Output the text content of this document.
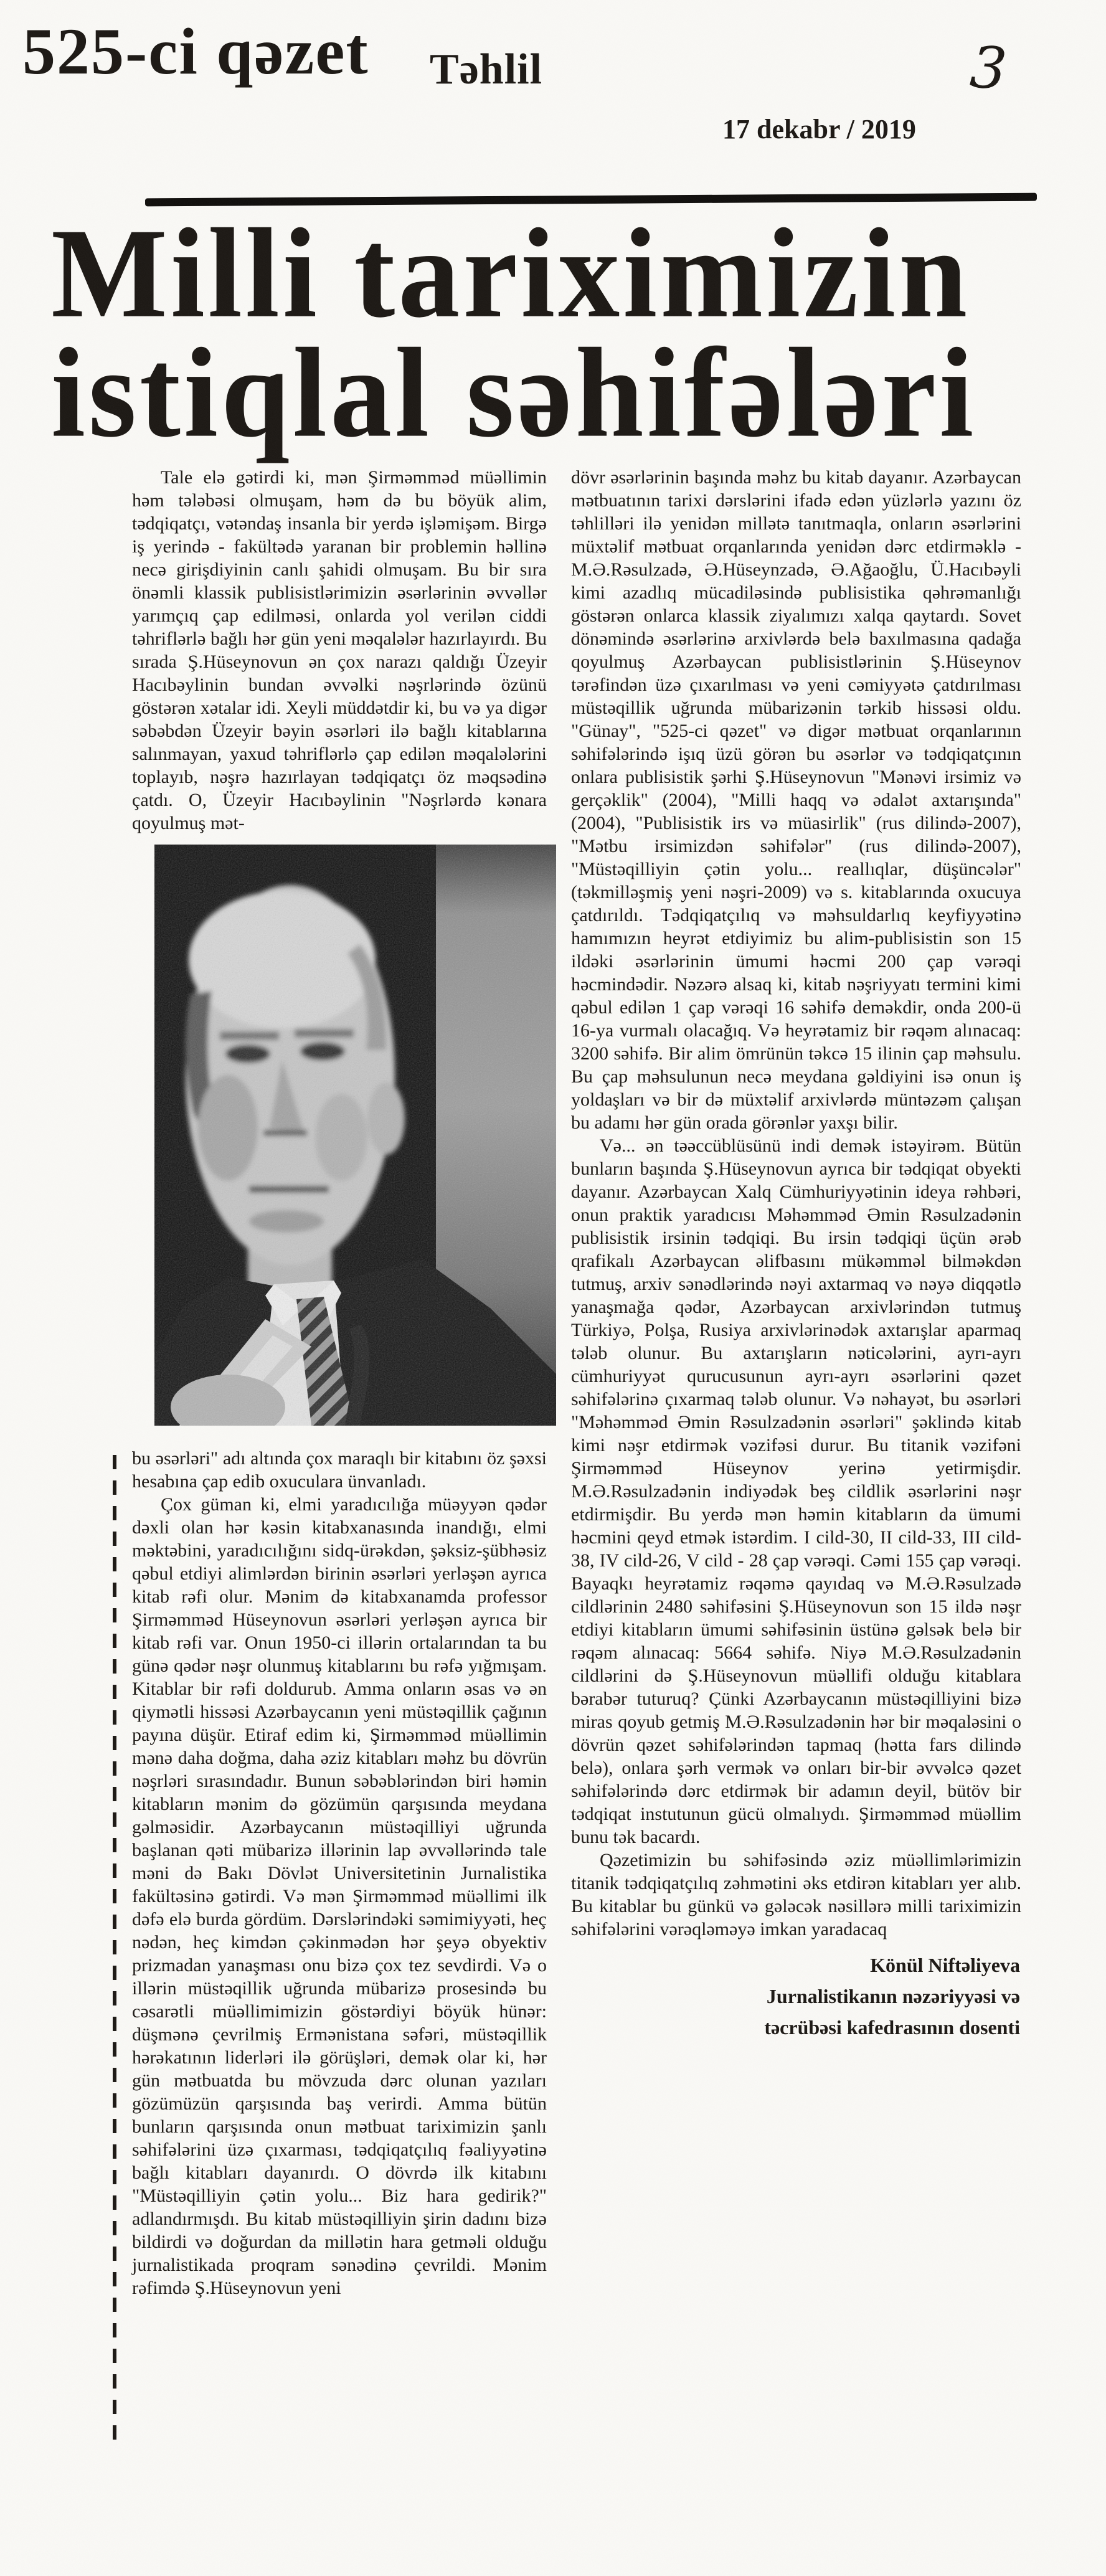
525-ci qəzet Təhlil	3
17 dekabr / 2019
Milli tariximizin
istiqlal səhifələri

Tale elə gətirdi ki, mən Şirməmməd müəllimin həm tələbəsi olmuşam, həm də bu böyük alim, tədqiqatçı, vətəndaş insanla bir yerdə işləmişəm. Birgə iş yerində - fakültədə yaranan bir problemin həllinə necə girişdiyinin canlı şahidi olmuşam. Bu bir sıra önəmli klassik publisistlərimizin əsərlərinin əvvəllər yarımçıq çap edilməsi, onlarda yol verilən ciddi təhriflərlə bağlı hər gün yeni məqalələr hazırlayırdı. Bu sırada Ş.Hüseynovun ən çox narazı qaldığı Üzeyir Hacıbəylinin bundan əvvəlki nəşrlərində özünü göstərən xətalar idi. Xeyli müddətdir ki, bu və ya digər səbəbdən Üzeyir bəyin əsərləri ilə bağlı kitablarına salınmayan, yaxud təhriflərlə çap edilən məqalələrini toplayıb, nəşrə hazırlayan tədqiqatçı öz məqsədinə çatdı. O, Üzeyir Hacıbəylinin "Nəşrlərdə kənara qoyulmuş mət-

bu əsərləri" adı altında çox maraqlı bir kitabını öz şəxsi hesabına çap edib oxuculara ünvanladı.

Çox güman ki, elmi yaradıcılığa müəyyən qədər dəxli olan hər kəsin kitabxanasında inandığı, elmi məktəbini, yaradıcılığını sidq-ürəkdən, şəksiz-şübhəsiz qəbul etdiyi alimlərdən birinin əsərləri yerləşən ayrıca kitab rəfi olur. Mənim də kitabxanamda professor Şirməmməd Hüseynovun əsərləri yerləşən ayrıca bir kitab rəfi var. Onun 1950-ci illərin ortalarından ta bu günə qədər nəşr olunmuş kitablarını bu rəfə yığmışam. Kitablar bir rəfi doldurub. Amma onların əsas və ən qiymətli hissəsi Azərbaycanın yeni müstəqillik çağının payına düşür. Etiraf edim ki, Şirməmməd müəllimin mənə daha doğma, daha əziz kitabları məhz bu dövrün nəşrləri sırasındadır. Bunun səbəblərindən biri həmin kitabların mənim də gözümün qarşısında meydana gəlməsidir. Azərbaycanın müstəqilliyi uğrunda başlanan qəti mübarizə illərinin lap əvvəllərində tale məni də Bakı Dövlət Universitetinin Jurnalistika fakültəsinə gətirdi. Və mən Şirməmməd müəllimi ilk dəfə elə burda gördüm. Dərslərindəki səmimiyyəti, heç nədən, heç kimdən çəkinmədən hər şeyə obyektiv prizmadan yanaşması onu bizə çox tez sevdirdi. Və o illərin müstəqillik uğrunda mübarizə prosesində bu cəsarətli müəllimimizin göstərdiyi böyük hünər: düşmənə çevrilmiş Ermənistana səfəri, müstəqillik hərəkatının liderləri ilə görüşləri, demək olar ki, hər gün mətbuatda bu mövzuda dərc olunan yazıları gözümüzün qarşısında baş verirdi. Amma bütün bunların qarşısında onun mətbuat tariximizin şanlı səhifələrini üzə çıxarması, tədqiqatçılıq fəaliyyətinə bağlı kitabları dayanırdı. O dövrdə ilk kitabını "Müstəqilliyin çətin yolu... Biz hara gedirik?" adlandırmışdı. Bu kitab müstəqilliyin şirin dadını bizə bildirdi və doğurdan da millətin hara getməli olduğu jurnalistikada proqram sənədinə çevrildi. Mənim rəfimdə Ş.Hüseynovun yeni

dövr əsərlərinin başında məhz bu kitab dayanır. Azərbaycan mətbuatının tarixi dərslərini ifadə edən yüzlərlə yazını öz təhlilləri ilə yenidən millətə tanıtmaqla, onların əsərlərini müxtəlif mətbuat orqanlarında yenidən dərc etdirməklə - M.Ə.Rəsulzadə, Ə.Hüseynzadə, Ə.Ağaoğlu, Ü.Hacıbəyli kimi azadlıq mücadiləsində publisistika qəhrəmanlığı göstərən onlarca klassik ziyalımızı xalqa qaytardı. Sovet dönəmində əsərlərinə arxivlərdə belə baxılmasına qadağa qoyulmuş Azərbaycan publisistlərinin Ş.Hüseynov tərəfindən üzə çıxarılması və yeni cəmiyyətə çatdırılması müstəqillik uğrunda mübarizənin tərkib hissəsi oldu. "Günay", "525-ci qəzet" və digər mətbuat orqanlarının səhifələrində işıq üzü görən bu əsərlər və tədqiqatçının onlara publisistik şərhi Ş.Hüseynovun "Mənəvi irsimiz və gerçəklik" (2004), "Milli haqq və ədalət axtarışında" (2004), "Publisistik irs və müasirlik" (rus dilində-2007), "Mətbu irsimizdən səhifələr" (rus dilində-2007), "Müstəqilliyin çətin yolu... reallıqlar, düşüncələr" (təkmilləşmiş yeni nəşri-2009) və s. kitablarında oxucuya çatdırıldı. Tədqiqatçılıq və məhsuldarlıq keyfiyyətinə hamımızın heyrət etdiyimiz bu alim-publisistin son 15 ildəki əsərlərinin ümumi həcmi 200 çap vərəqi həcmindədir. Nəzərə alsaq ki, kitab nəşriyyatı termini kimi qəbul edilən 1 çap vərəqi 16 səhifə deməkdir, onda 200-ü 16-ya vurmalı olacağıq. Və heyrətamiz bir rəqəm alınacaq: 3200 səhifə. Bir alim ömrünün təkcə 15 ilinin çap məhsulu. Bu çap məhsulunun necə meydana gəldiyini isə onun iş yoldaşları və bir də müxtəlif arxivlərdə müntəzəm çalışan bu adamı hər gün orada görənlər yaxşı bilir.

Və... ən təəccüblüsünü indi demək istəyirəm. Bütün bunların başında Ş.Hüseynovun ayrıca bir tədqiqat obyekti dayanır. Azərbaycan Xalq Cümhuriyyətinin ideya rəhbəri, onun praktik yaradıcısı Məhəmməd Əmin Rəsulzadənin publisistik irsinin tədqiqi. Bu irsin tədqiqi üçün ərəb qrafikalı Azərbaycan əlifbasını mükəmməl bilməkdən tutmuş, arxiv sənədlərində nəyi axtarmaq və nəyə diqqətlə yanaşmağa qədər, Azərbaycan arxivlərindən tutmuş Türkiyə, Polşa, Rusiya arxivlərinədək axtarışlar aparmaq tələb olunur. Bu axtarışların nəticələrini, ayrı-ayrı cümhuriyyət qurucusunun ayrı-ayrı əsərlərini qəzet səhifələrinə çıxarmaq tələb olunur. Və nəhayət, bu əsərləri "Məhəmməd Əmin Rəsulzadənin əsərləri" şəklində kitab kimi nəşr etdirmək vəzifəsi durur. Bu titanik vəzifəni Şirməmməd Hüseynov yerinə yetirmişdir. M.Ə.Rəsulzadənin indiyədək beş cildlik əsərlərini nəşr etdirmişdir. Bu yerdə mən həmin kitabların da ümumi həcmini qeyd etmək istərdim. I cild-30, II cild-33, III cild-38, IV cild-26, V cild - 28 çap vərəqi. Cəmi 155 çap vərəqi. Bayaqkı heyrətamiz rəqəmə qayıdaq və M.Ə.Rəsulzadə cildlərinin 2480 səhifəsini Ş.Hüseynovun son 15 ildə nəşr etdiyi kitabların ümumi səhifəsinin üstünə gəlsək belə bir rəqəm alınacaq: 5664 səhifə. Niyə M.Ə.Rəsulzadənin cildlərini də Ş.Hüseynovun müəllifi olduğu kitablara bərabər tuturuq? Çünki Azərbaycanın müstəqilliyini bizə miras qoyub getmiş M.Ə.Rəsulzadənin hər bir məqaləsini o dövrün qəzet səhifələrindən tapmaq (hətta fars dilində belə), onlara şərh vermək və onları bir-bir əvvəlcə qəzet səhifələrində dərc etdirmək bir adamın deyil, bütöv bir tədqiqat instutunun gücü olmalıydı. Şirməmməd müəllim bunu tək bacardı.

Qəzetimizin bu səhifəsində əziz müəllimlərimizin titanik tədqiqatçılıq zəhmətini əks etdirən kitabları yer alıb. Bu kitablar bu günkü və gələcək nəsillərə milli tariximizin səhifələrini vərəqləməyə imkan yaradacaq

Könül Niftəliyeva
Jurnalistikanın nəzəriyyəsi və
təcrübəsi kafedrasının dosenti
